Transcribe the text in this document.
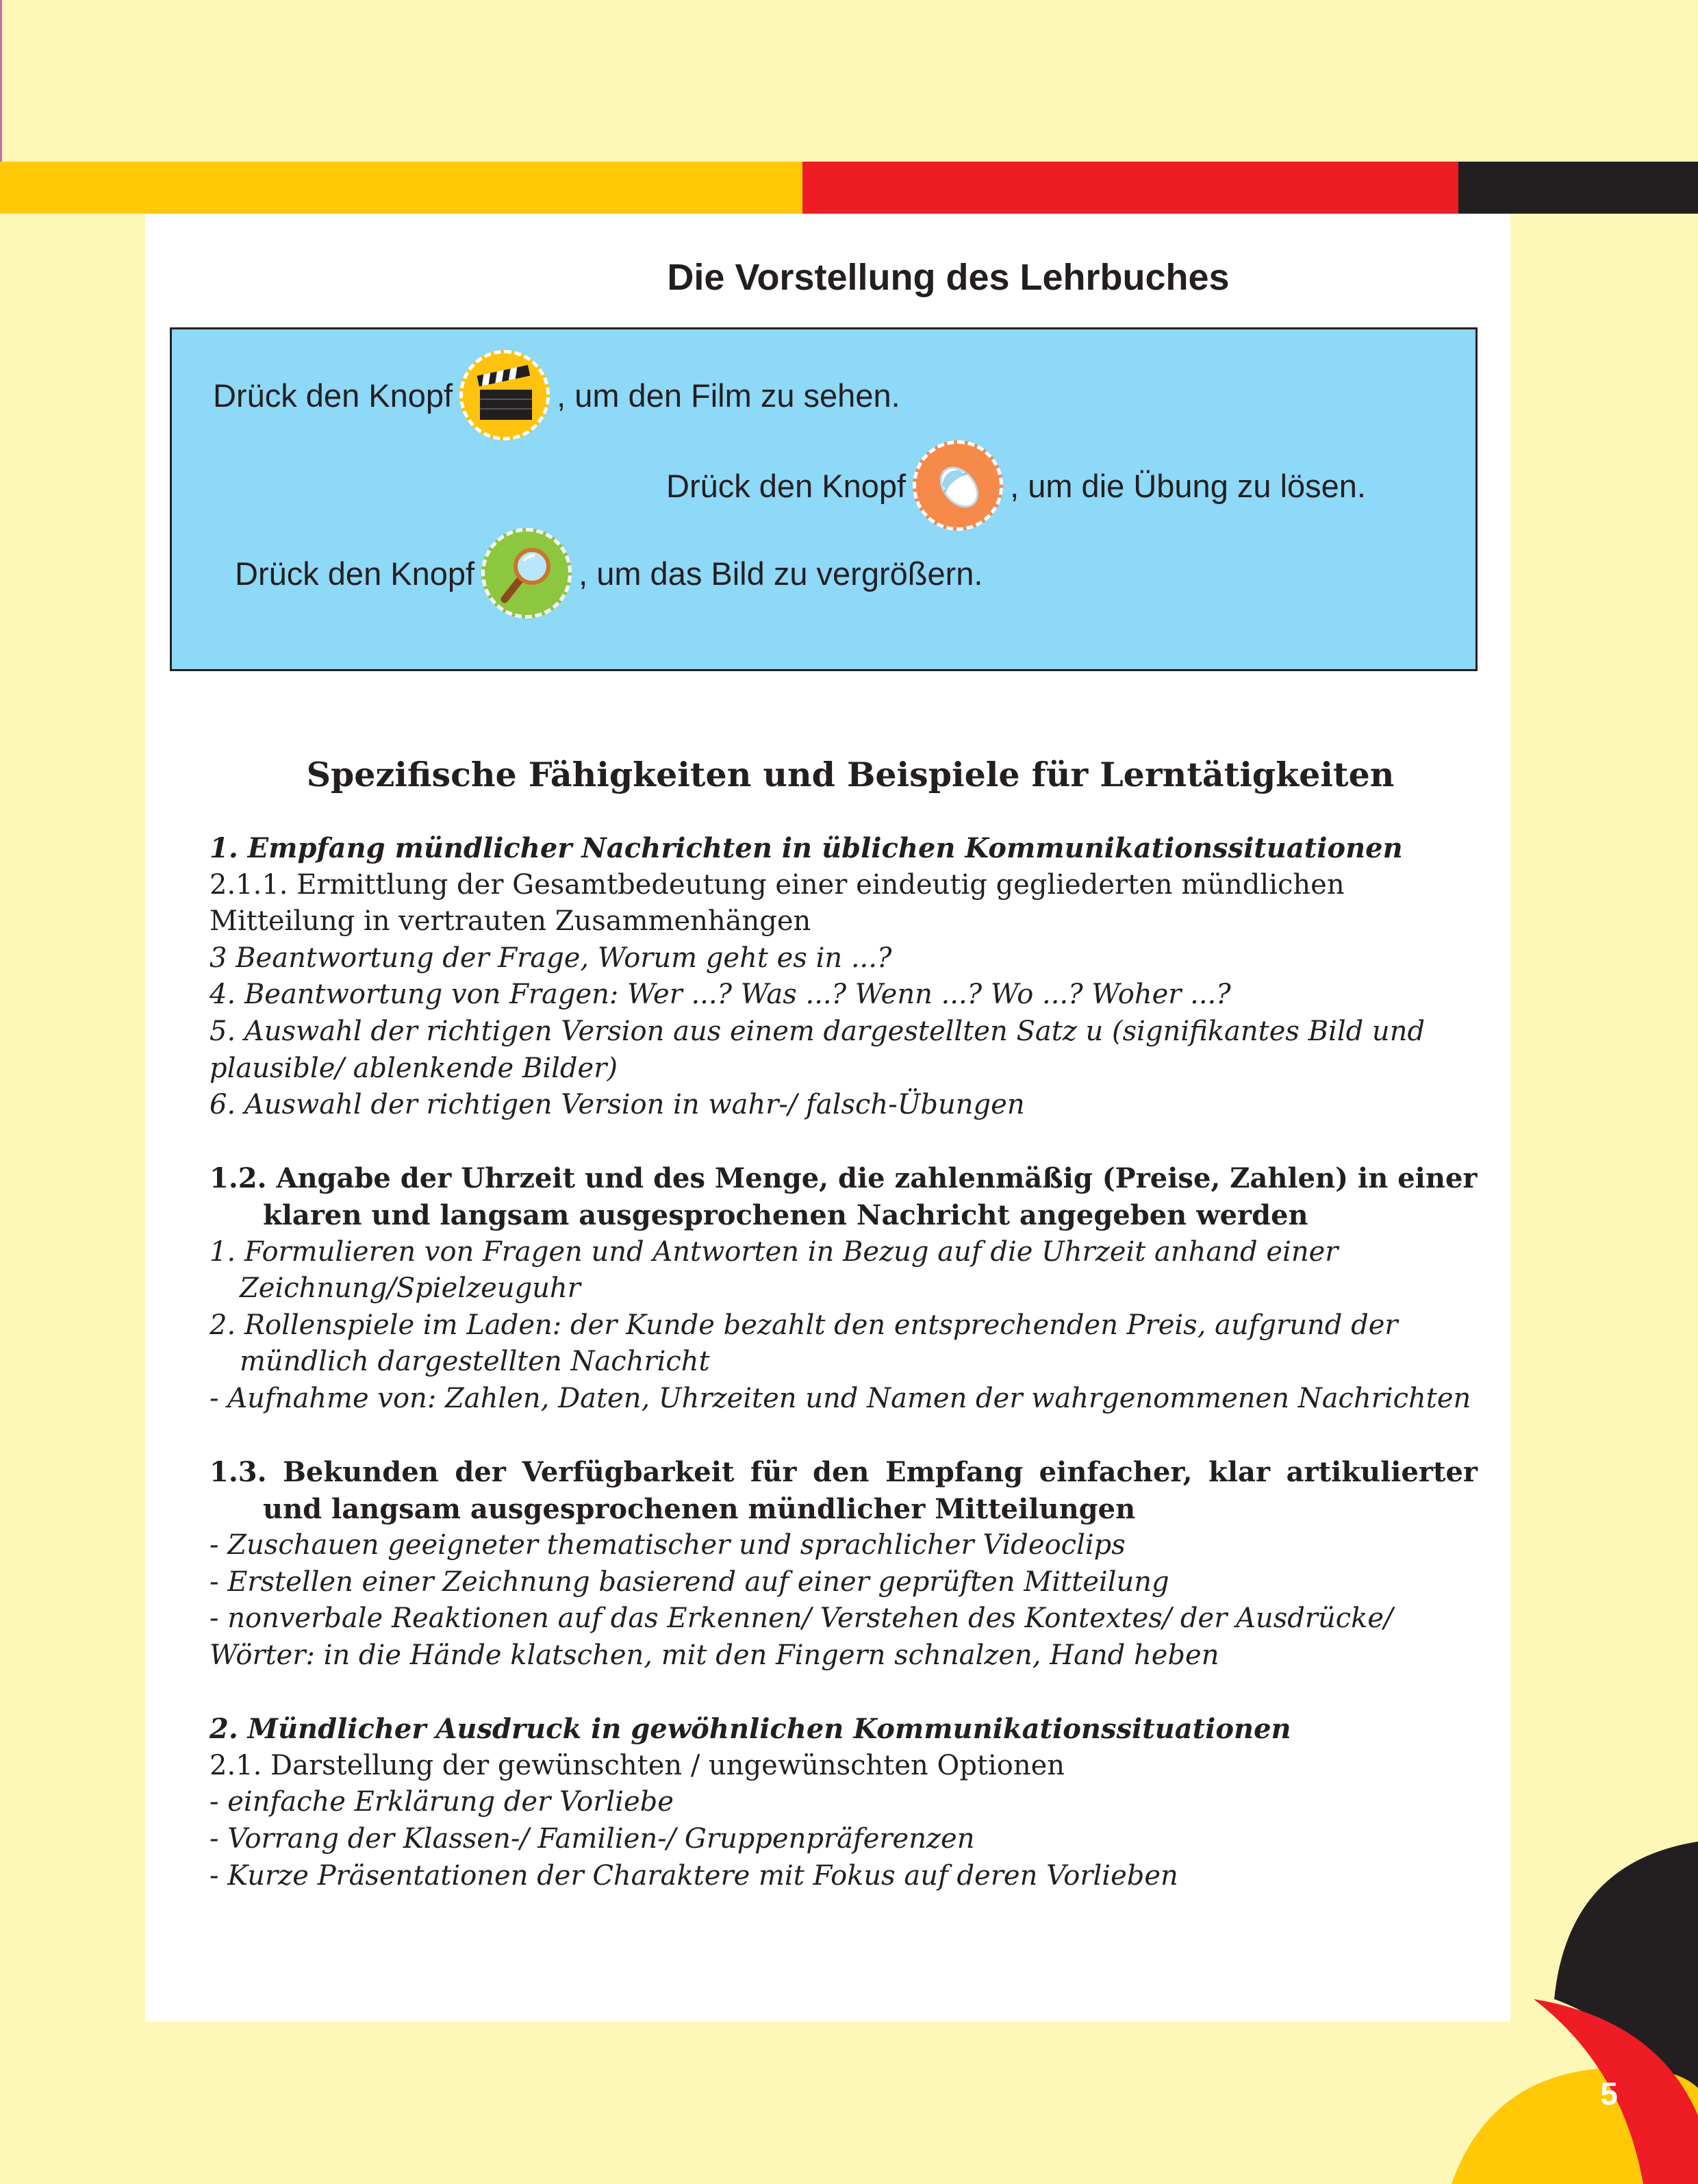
Die Vorstellung des Lehrbuches
Drück den Knopf	, um den Film zu sehen.
Drück den Knopf	, um die Übung zu lösen.
Drück den Knopf	, um das Bild zu vergrößern.
Spezifische Fähigkeiten und Beispiele für Lerntätigkeiten

1. Empfang mündlicher Nachrichten in üblichen Kommunikationssituationen

2.1.1. Ermittlung der Gesamtbedeutung einer eindeutig gegliederten mündlichen Mitteilung in vertrauten Zusammenhängen

3 Beantwortung der Frage, Worum geht es in ...?

4. Beantwortung von Fragen: Wer ...? Was ...? Wenn ...? Wo ...? Woher ...?

5. Auswahl der richtigen Version aus einem dargestellten Satz u (signifikantes Bild und plausible/ ablenkende Bilder)

6. Auswahl der richtigen Version in wahr-/ falsch-Übungen

1.2. Angabe der Uhrzeit und des Menge, die zahlenmäßig (Preise, Zahlen) in einer klaren und langsam ausgesprochenen Nachricht angegeben werden

1. Formulieren von Fragen und Antworten in Bezug auf die Uhrzeit anhand einer Zeichnung/Spielzeuguhr

2. Rollenspiele im Laden: der Kunde bezahlt den entsprechenden Preis, aufgrund der mündlich dargestellten Nachricht

- Aufnahme von: Zahlen, Daten, Uhrzeiten und Namen der wahrgenommenen Nachrichten

1.3. Bekunden der Verfügbarkeit für den Empfang einfacher, klar artikulierter und langsam ausgesprochenen mündlicher Mitteilungen

- Zuschauen geeigneter thematischer und sprachlicher Videoclips

- Erstellen einer Zeichnung basierend auf einer geprüften Mitteilung

- nonverbale Reaktionen auf das Erkennen/ Verstehen des Kontextes/ der Ausdrücke/ Wörter: in die Hände klatschen, mit den Fingern schnalzen, Hand heben

2. Mündlicher Ausdruck in gewöhnlichen Kommunikationssituationen

2.1. Darstellung der gewünschten / ungewünschten Optionen

- einfache Erklärung der Vorliebe

- Vorrang der Klassen-/ Familien-/ Gruppenpräferenzen

- Kurze Präsentationen der Charaktere mit Fokus auf deren Vorlieben

5
